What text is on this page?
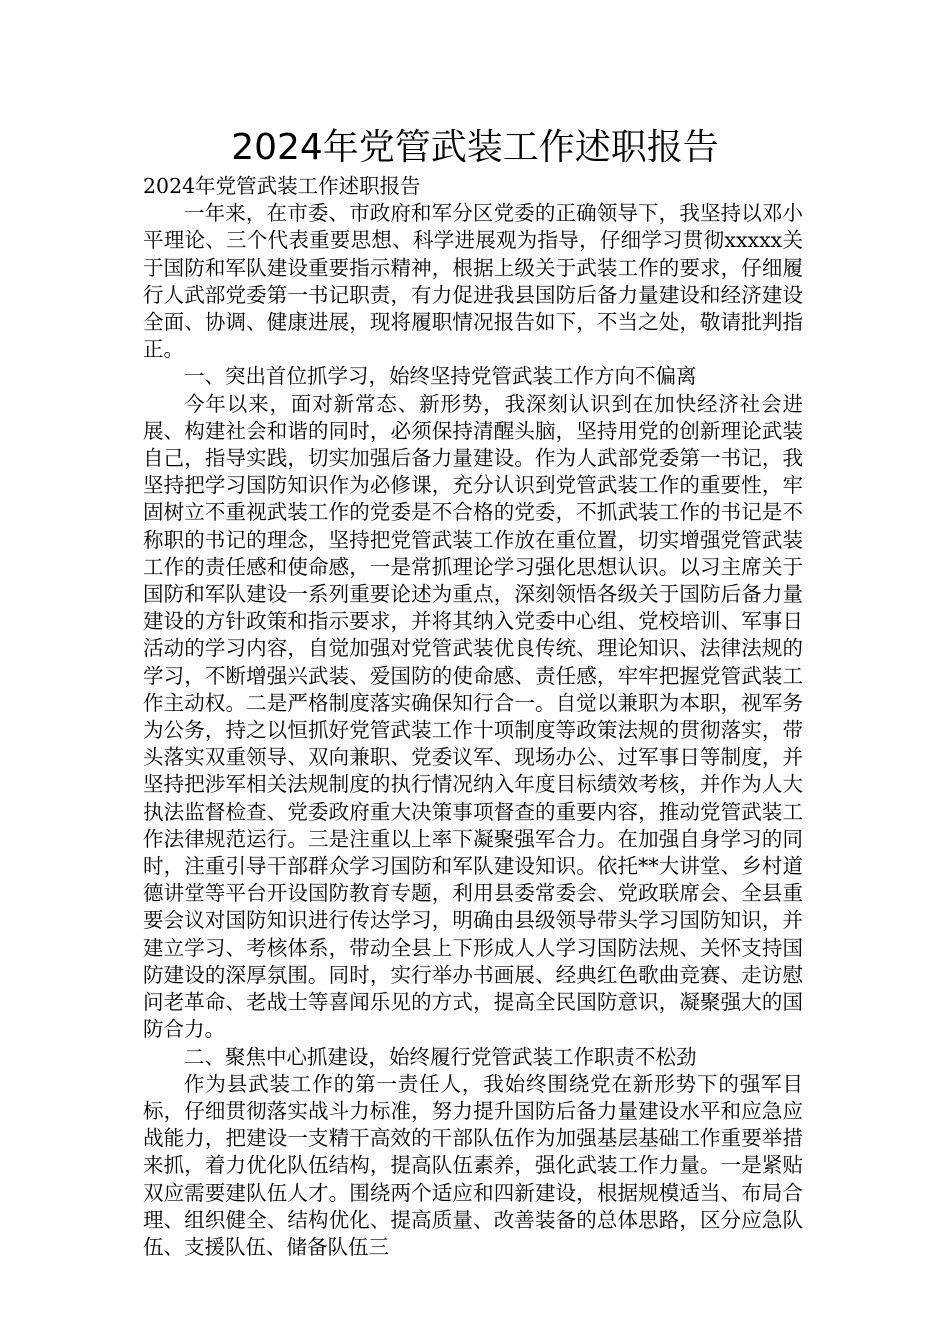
2024年党管武装工作述职报告

2024年党管武装工作述职报告

一年来，在市委、市政府和军分区党委的正确领导下，我坚持以邓小平理论、三个代表重要思想、科学进展观为指导，仔细学习贯彻xxxxx关于国防和军队建设重要指示精神，根据上级关于武装工作的要求，仔细履行人武部党委第一书记职责，有力促进我县国防后备力量建设和经济建设全面、协调、健康进展，现将履职情况报告如下，不当之处，敬请批判指正。

一、突出首位抓学习，始终坚持党管武装工作方向不偏离

今年以来，面对新常态、新形势，我深刻认识到在加快经济社会进展、构建社会和谐的同时，必须保持清醒头脑，坚持用党的创新理论武装自己，指导实践，切实加强后备力量建设。作为人武部党委第一书记，我坚持把学习国防知识作为必修课，充分认识到党管武装工作的重要性，牢固树立不重视武装工作的党委是不合格的党委，不抓武装工作的书记是不称职的书记的理念，坚持把党管武装工作放在重位置，切实增强党管武装工作的责任感和使命感，一是常抓理论学习强化思想认识。以习主席关于国防和军队建设一系列重要论述为重点，深刻领悟各级关于国防后备力量建设的方针政策和指示要求，并将其纳入党委中心组、党校培训、军事日活动的学习内容，自觉加强对党管武装优良传统、理论知识、法律法规的学习，不断增强兴武装、爱国防的使命感、责任感，牢牢把握党管武装工作主动权。二是严格制度落实确保知行合一。自觉以兼职为本职，视军务为公务，持之以恒抓好党管武装工作十项制度等政策法规的贯彻落实，带头落实双重领导、双向兼职、党委议军、现场办公、过军事日等制度，并坚持把涉军相关法规制度的执行情况纳入年度目标绩效考核，并作为人大执法监督检查、党委政府重大决策事项督查的重要内容，推动党管武装工作法律规范运行。三是注重以上率下凝聚强军合力。在加强自身学习的同时，注重引导干部群众学习国防和军队建设知识。依托**大讲堂、乡村道德讲堂等平台开设国防教育专题，利用县委常委会、党政联席会、全县重要会议对国防知识进行传达学习，明确由县级领导带头学习国防知识，并建立学习、考核体系，带动全县上下形成人人学习国防法规、关怀支持国防建设的深厚氛围。同时，实行举办书画展、经典红色歌曲竞赛、走访慰问老革命、老战士等喜闻乐见的方式，提高全民国防意识，凝聚强大的国防合力。

二、聚焦中心抓建设，始终履行党管武装工作职责不松劲

作为县武装工作的第一责任人，我始终围绕党在新形势下的强军目标，仔细贯彻落实战斗力标准，努力提升国防后备力量建设水平和应急应战能力，把建设一支精干高效的干部队伍作为加强基层基础工作重要举措来抓，着力优化队伍结构，提高队伍素养，强化武装工作力量。一是紧贴双应需要建队伍人才。围绕两个适应和四新建设，根据规模适当、布局合理、组织健全、结构优化、提高质量、改善装备的总体思路，区分应急队伍、支援队伍、储备队伍三
